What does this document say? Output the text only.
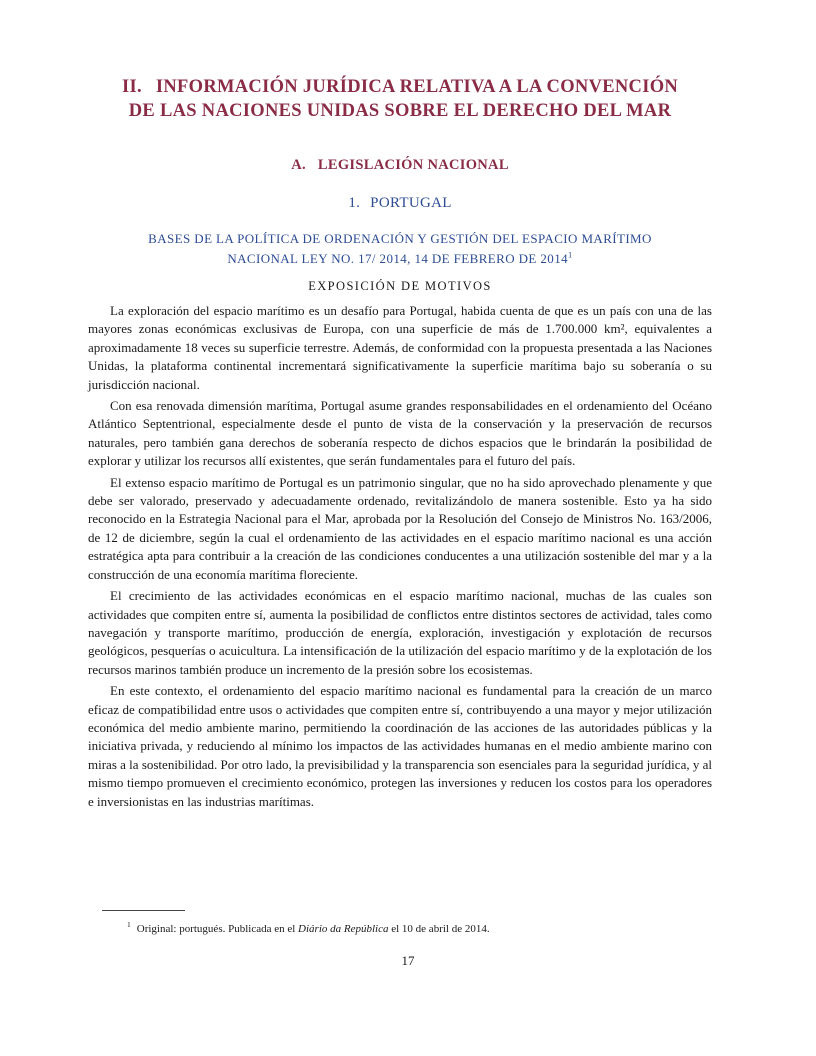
II. INFORMACIÓN JURÍDICA RELATIVA A LA CONVENCIÓN
DE LAS NACIONES UNIDAS SOBRE EL DERECHO DEL MAR
A. LEGISLACIÓN NACIONAL
1. PORTUGAL
BASES DE LA POLÍTICA DE ORDENACIÓN Y GESTIÓN DEL ESPACIO MARÍTIMO
NACIONAL LEY NO. 17/ 2014, 14 DE FEBRERO DE 2014$^1$
EXPOSICIÓN DE MOTIVOS

La exploración del espacio marítimo es un desafío para Portugal, habida cuenta de que es un país con una de las mayores zonas económicas exclusivas de Europa, con una superficie de más de 1.700.000 km², equivalentes a aproximadamente 18 veces su superficie terrestre. Además, de conformidad con la propuesta presentada a las Naciones Unidas, la plataforma continental incrementará significativamente la superficie marítima bajo su soberanía o su jurisdicción nacional.

Con esa renovada dimensión marítima, Portugal asume grandes responsabilidades en el ordenamiento del Océano Atlántico Septentrional, especialmente desde el punto de vista de la conservación y la preservación de recursos naturales, pero también gana derechos de soberanía respecto de dichos espacios que le brindarán la posibilidad de explorar y utilizar los recursos allí existentes, que serán fundamentales para el futuro del país.

El extenso espacio marítimo de Portugal es un patrimonio singular, que no ha sido aprovechado plenamente y que debe ser valorado, preservado y adecuadamente ordenado, revitalizándolo de manera sostenible. Esto ya ha sido reconocido en la Estrategia Nacional para el Mar, aprobada por la Resolución del Consejo de Ministros No. 163/2006, de 12 de diciembre, según la cual el ordenamiento de las actividades en el espacio marítimo nacional es una acción estratégica apta para contribuir a la creación de las condiciones conducentes a una utilización sostenible del mar y a la construcción de una economía marítima floreciente.

El crecimiento de las actividades económicas en el espacio marítimo nacional, muchas de las cuales son actividades que compiten entre sí, aumenta la posibilidad de conflictos entre distintos sectores de actividad, tales como navegación y transporte marítimo, producción de energía, exploración, investigación y explotación de recursos geológicos, pesquerías o acuicultura. La intensificación de la utilización del espacio marítimo y de la explotación de los recursos marinos también produce un incremento de la presión sobre los ecosistemas.

En este contexto, el ordenamiento del espacio marítimo nacional es fundamental para la creación de un marco eficaz de compatibilidad entre usos o actividades que compiten entre sí, contribuyendo a una mayor y mejor utilización económica del medio ambiente marino, permitiendo la coordinación de las acciones de las autoridades públicas y la iniciativa privada, y reduciendo al mínimo los impactos de las actividades humanas en el medio ambiente marino con miras a la sostenibilidad. Por otro lado, la previsibilidad y la transparencia son esenciales para la seguridad jurídica, y al mismo tiempo promueven el crecimiento económico, protegen las inversiones y reducen los costos para los operadores e inversionistas en las industrias marítimas.

$^1$ Original: portugués. Publicada en el Diário da República el 10 de abril de 2014.
17
